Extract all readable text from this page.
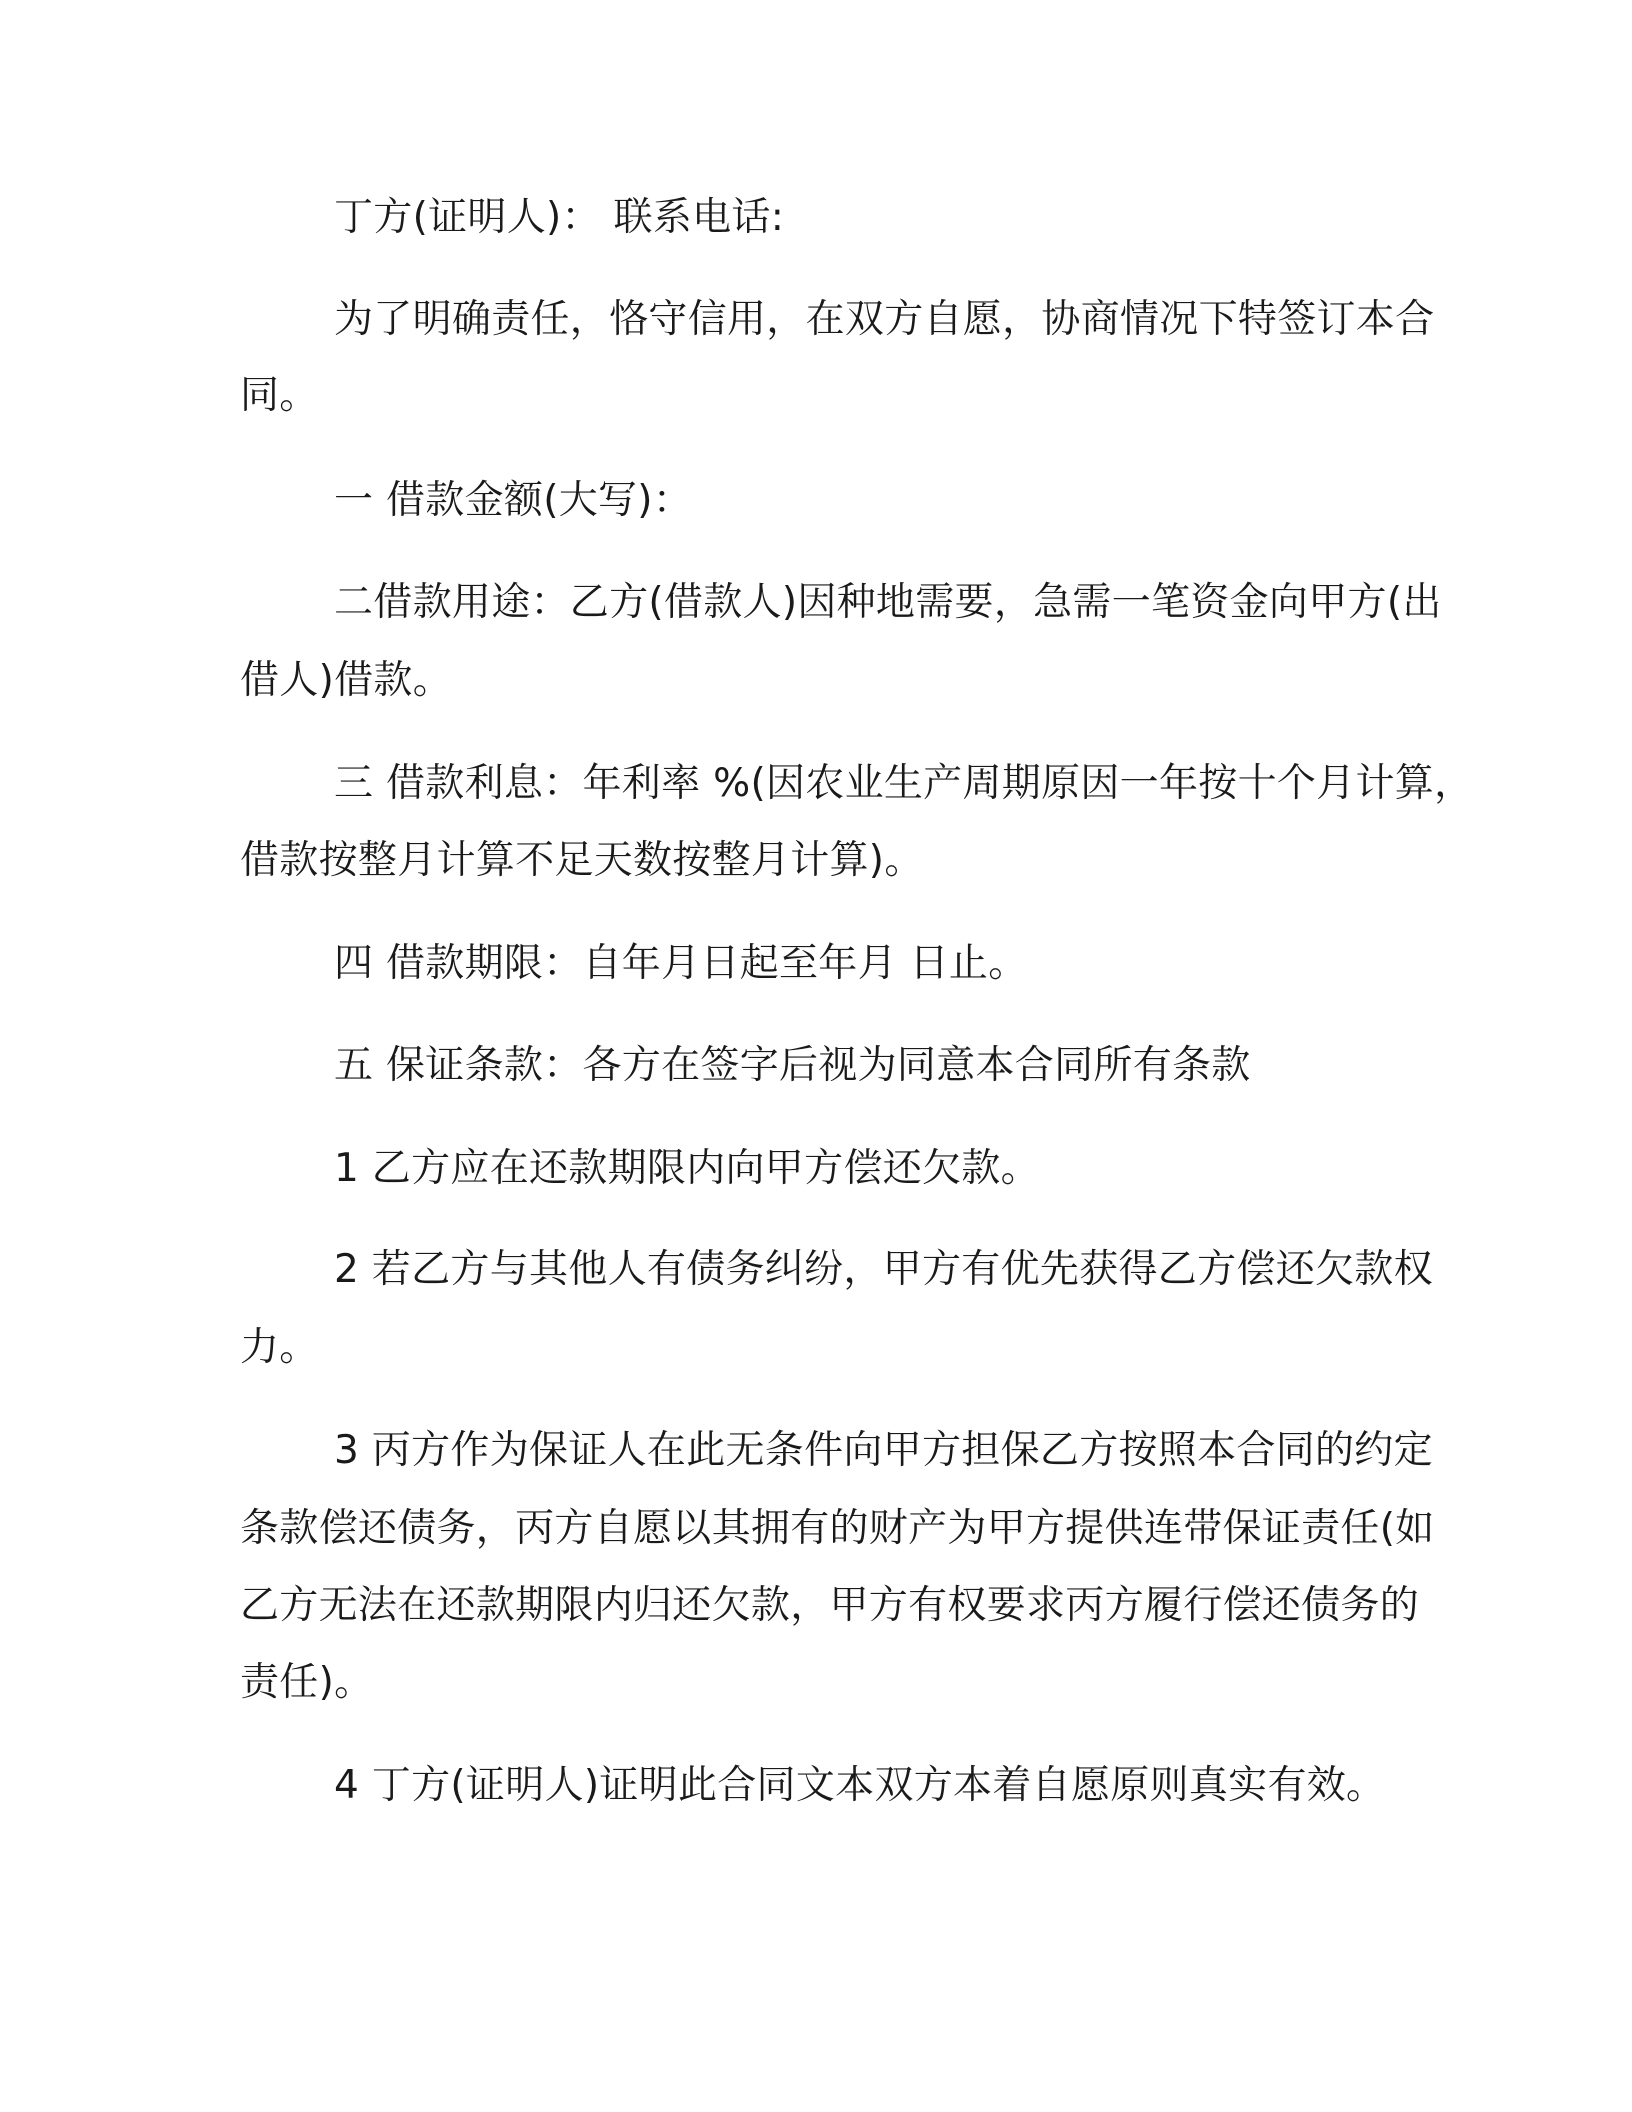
丁方(证明人)： 联系电话:
为了明确责任，恪守信用，在双方自愿，协商情况下特签订本合
同。
一 借款金额(大写)：
二借款用途：乙方(借款人)因种地需要，急需一笔资金向甲方(出
借人)借款。
三 借款利息：年利率 %(因农业生产周期原因一年按十个月计算，
借款按整月计算不足天数按整月计算)。
四 借款期限：自年月日起至年月 日止。
五 保证条款：各方在签字后视为同意本合同所有条款
1 乙方应在还款期限内向甲方偿还欠款。
2 若乙方与其他人有债务纠纷，甲方有优先获得乙方偿还欠款权
力。
3 丙方作为保证人在此无条件向甲方担保乙方按照本合同的约定
条款偿还债务，丙方自愿以其拥有的财产为甲方提供连带保证责任(如
乙方无法在还款期限内归还欠款，甲方有权要求丙方履行偿还债务的
责任)。
4 丁方(证明人)证明此合同文本双方本着自愿原则真实有效。
